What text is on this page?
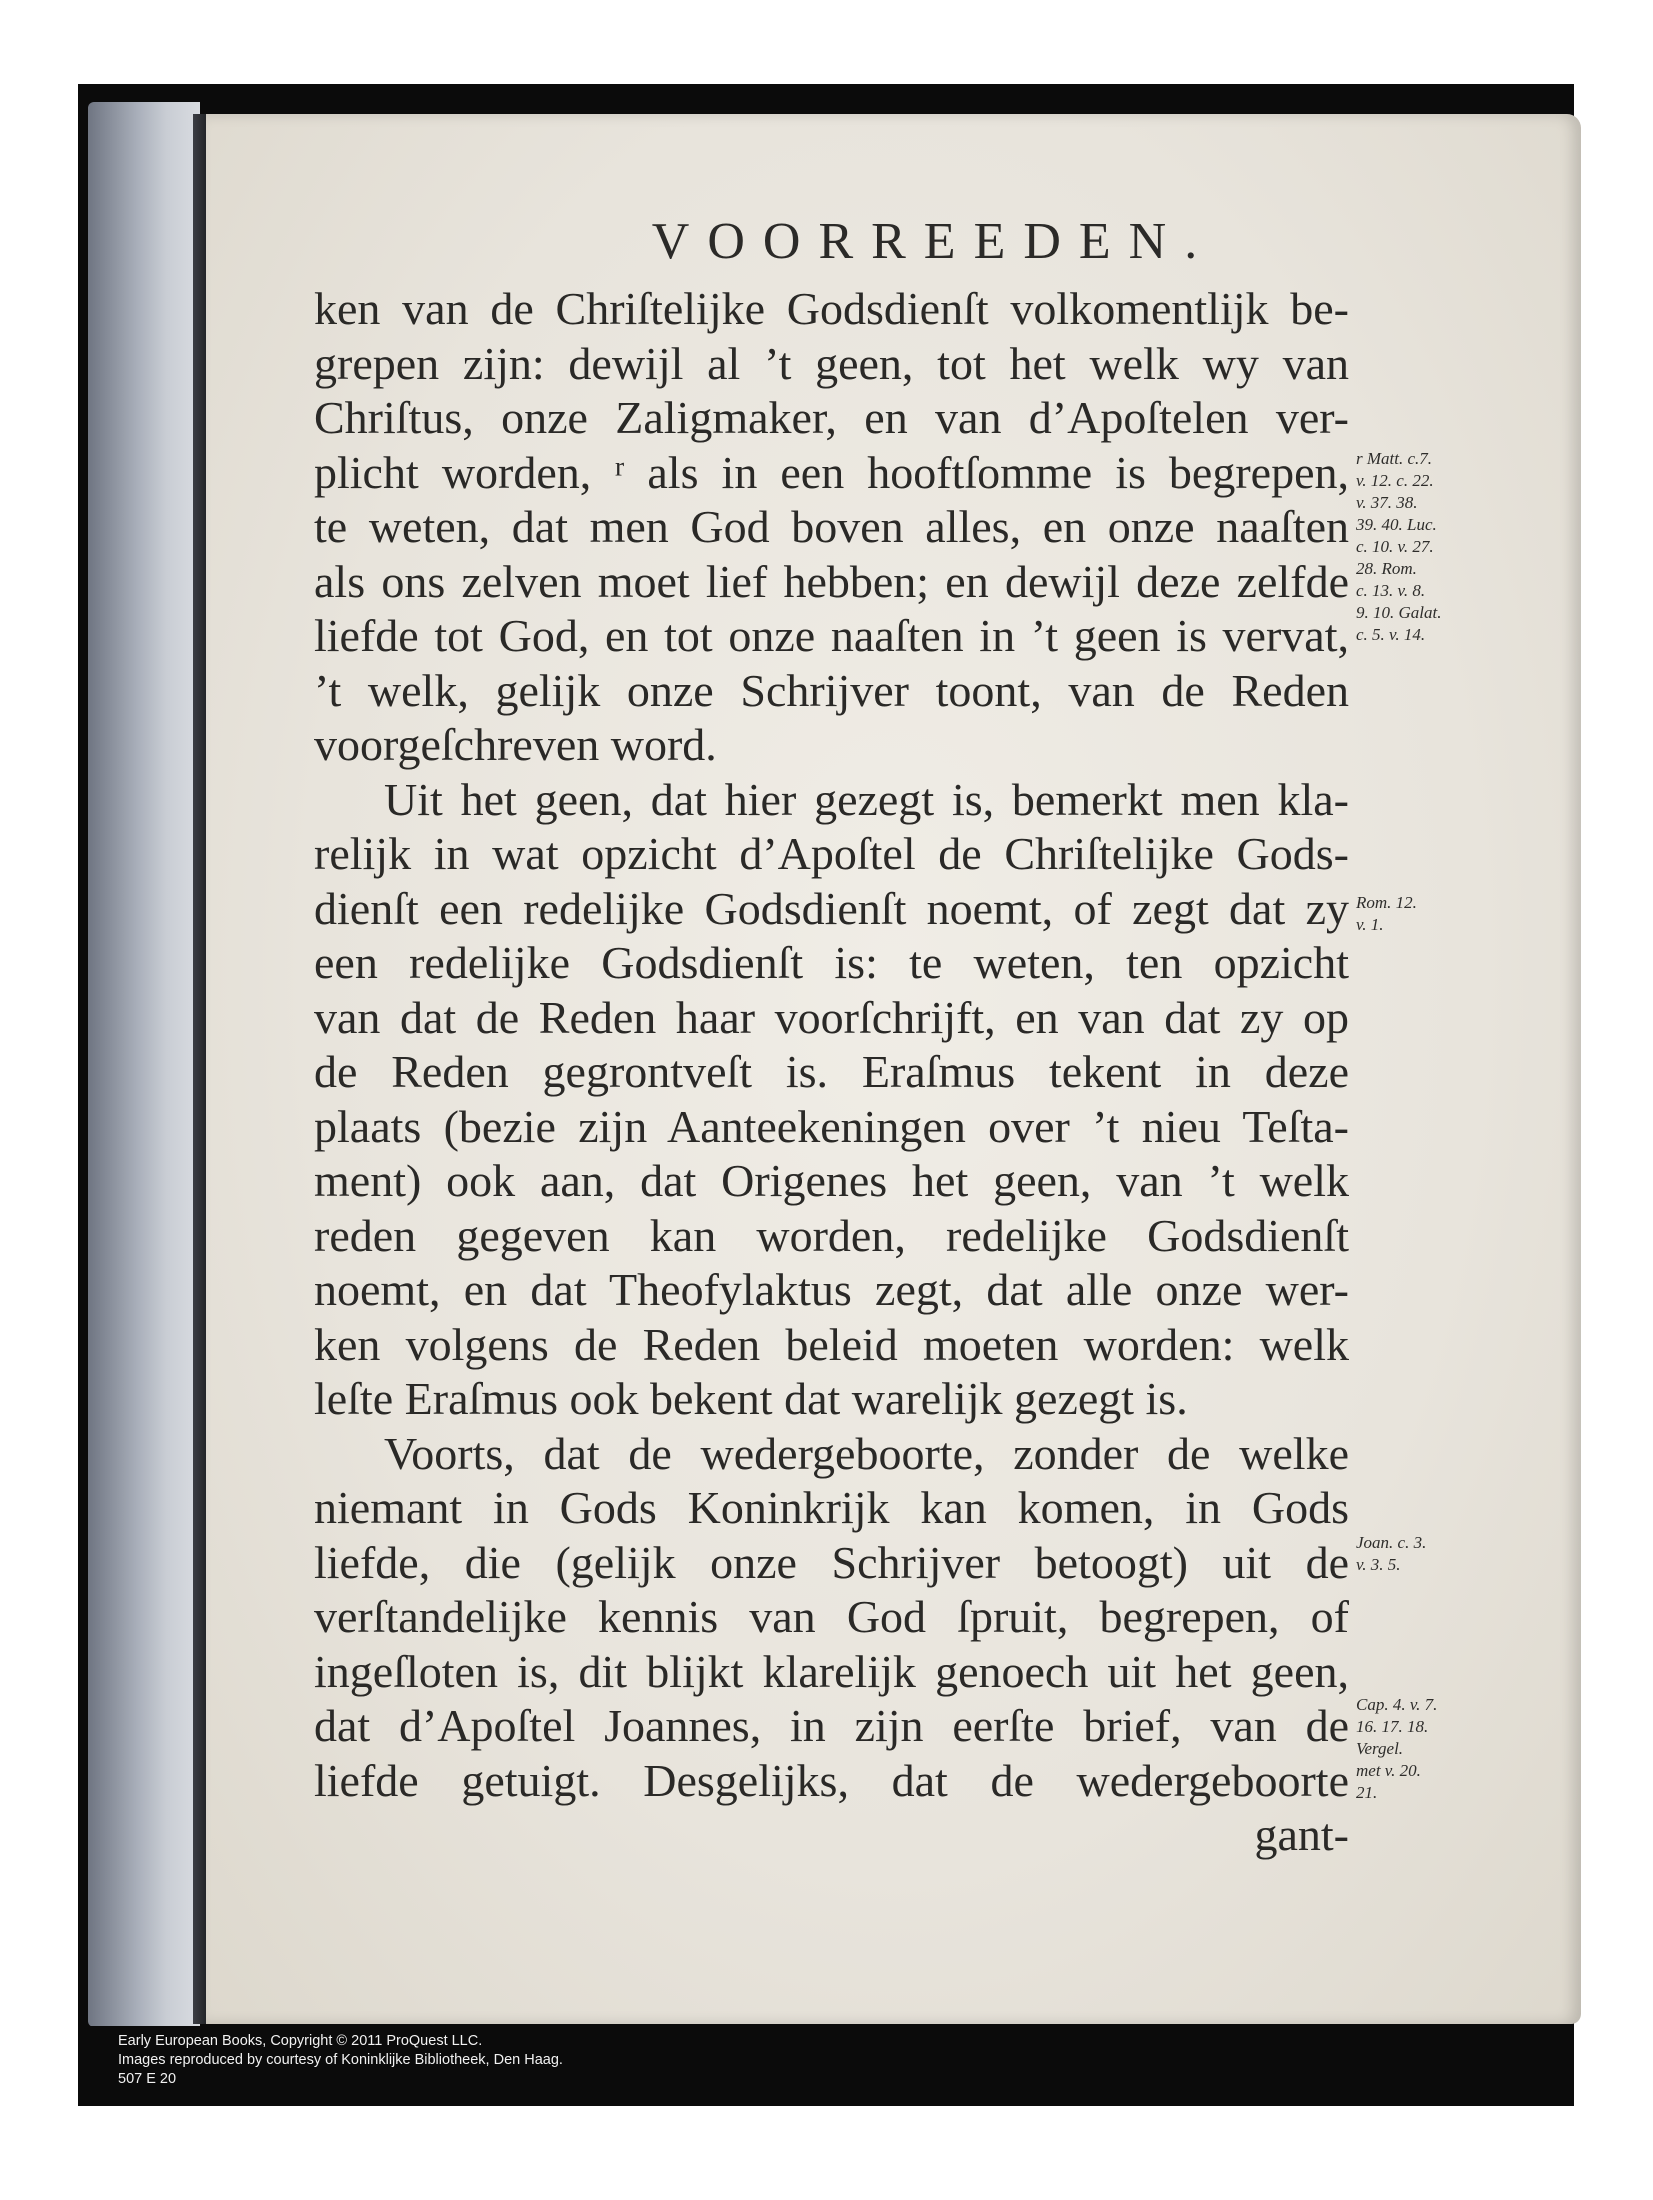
VOORREEDEN.
ken van de Chriſtelijke Godsdienſt volkomentlijk be-
grepen zijn: dewijl al ’t geen, tot het welk wy van
Chriſtus, onze Zaligmaker, en van d’Apoſtelen ver-
plicht worden, ʳ als in een hooftſomme is begrepen,
te weten, dat men God boven alles, en onze naaſten
als ons zelven moet lief hebben; en dewijl deze zelfde
liefde tot God, en tot onze naaſten in ’t geen is vervat,
’t welk, gelijk onze Schrijver toont, van de Reden
voorgeſchreven word.
Uit het geen, dat hier gezegt is, bemerkt men kla-
relijk in wat opzicht d’Apoſtel de Chriſtelijke Gods-
dienſt een redelijke Godsdienſt noemt, of zegt dat zy
een redelijke Godsdienſt is: te weten, ten opzicht
van dat de Reden haar voorſchrijft, en van dat zy op
de Reden gegrontveſt is. Eraſmus tekent in deze
plaats (bezie zijn Aanteekeningen over ’t nieu Teſta-
ment) ook aan, dat Origenes het geen, van ’t welk
reden gegeven kan worden, redelijke Godsdienſt
noemt, en dat Theofylaktus zegt, dat alle onze wer-
ken volgens de Reden beleid moeten worden: welk
leſte Eraſmus ook bekent dat warelijk gezegt is.
Voorts, dat de wedergeboorte, zonder de welke
niemant in Gods Koninkrijk kan komen, in Gods
liefde, die (gelijk onze Schrijver betoogt) uit de
verſtandelijke kennis van God ſpruit, begrepen, of
ingeſloten is, dit blijkt klarelijk genoech uit het geen,
dat d’Apoſtel Joannes, in zijn eerſte brief, van de
liefde getuigt. Desgelijks, dat de wedergeboorte
gant-
r Matt. c.7.
v. 12. c. 22.
v. 37. 38.
39. 40. Luc.
c. 10. v. 27.
28. Rom.
c. 13. v. 8.
9. 10. Galat.
c. 5. v. 14.
Rom. 12.
v. 1.
Joan. c. 3.
v. 3. 5.
Cap. 4. v. 7.
16. 17. 18.
Vergel.
met v. 20.
21.
Early European Books, Copyright © 2011 ProQuest LLC.
Images reproduced by courtesy of Koninklijke Bibliotheek, Den Haag.
507 E 20
